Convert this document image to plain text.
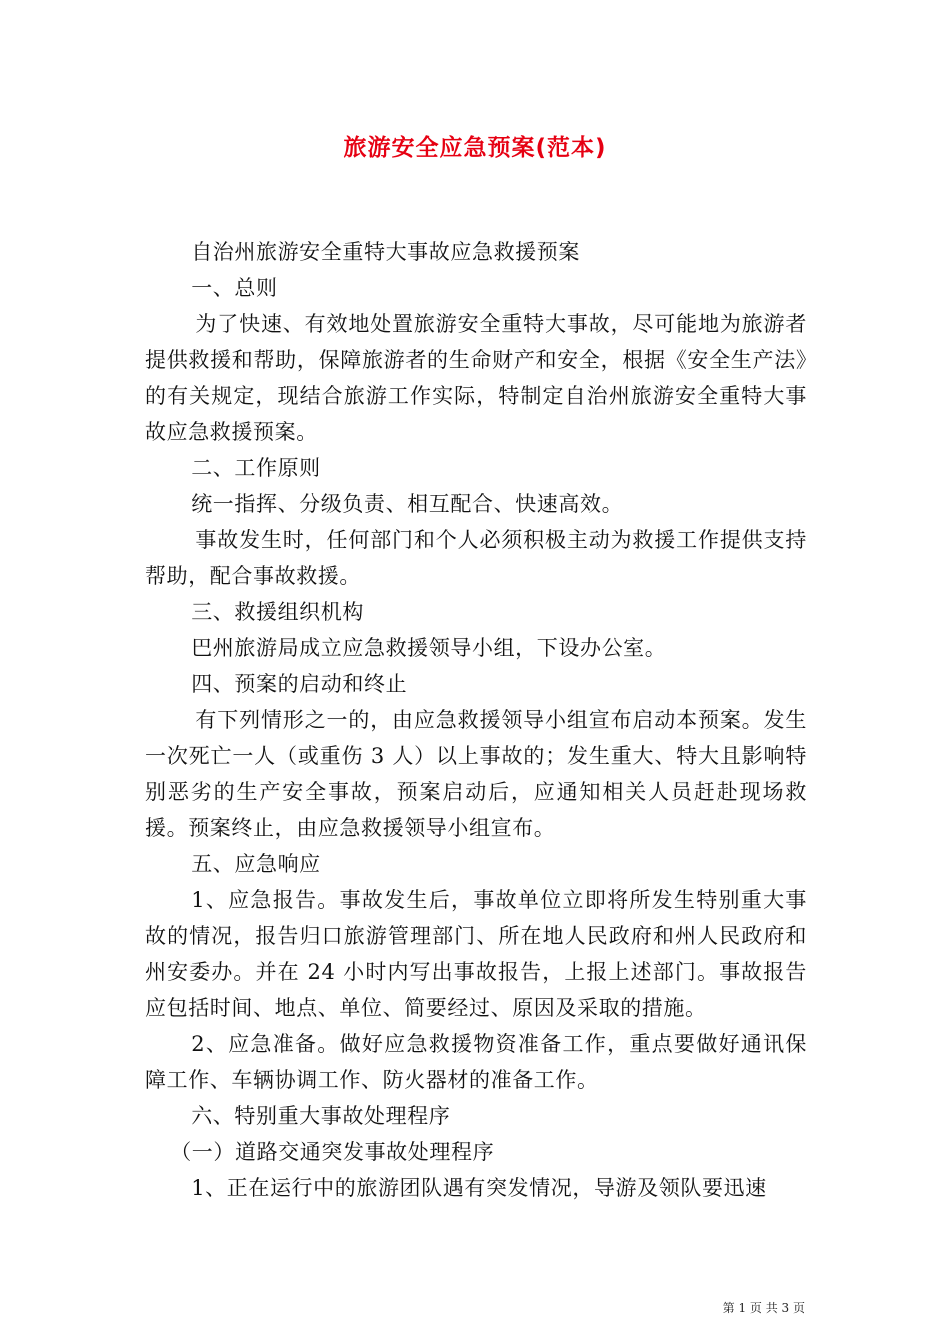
旅游安全应急预案(范本)

自治州旅游安全重特大事故应急救援预案

一、总则

为了快速、有效地处置旅游安全重特大事故，尽可能地为旅游者提供救援和帮助，保障旅游者的生命财产和安全，根据《安全生产法》的有关规定，现结合旅游工作实际，特制定自治州旅游安全重特大事故应急救援预案。

二、工作原则

统一指挥、分级负责、相互配合、快速高效。

事故发生时，任何部门和个人必须积极主动为救援工作提供支持帮助，配合事故救援。

三、救援组织机构

巴州旅游局成立应急救援领导小组，下设办公室。

四、预案的启动和终止

有下列情形之一的，由应急救援领导小组宣布启动本预案。发生一次死亡一人（或重伤 3 人）以上事故的；发生重大、特大且影响特别恶劣的生产安全事故，预案启动后，应通知相关人员赶赴现场救援。预案终止，由应急救援领导小组宣布。

五、应急响应

1、应急报告。事故发生后，事故单位立即将所发生特别重大事故的情况，报告归口旅游管理部门、所在地人民政府和州人民政府和州安委办。并在 24 小时内写出事故报告，上报上述部门。事故报告应包括时间、地点、单位、简要经过、原因及采取的措施。

2、应急准备。做好应急救援物资准备工作，重点要做好通讯保障工作、车辆协调工作、防火器材的准备工作。

六、特别重大事故处理程序

（一）道路交通突发事故处理程序

1、正在运行中的旅游团队遇有突发情况，导游及领队要迅速

第 1 页 共 3 页
